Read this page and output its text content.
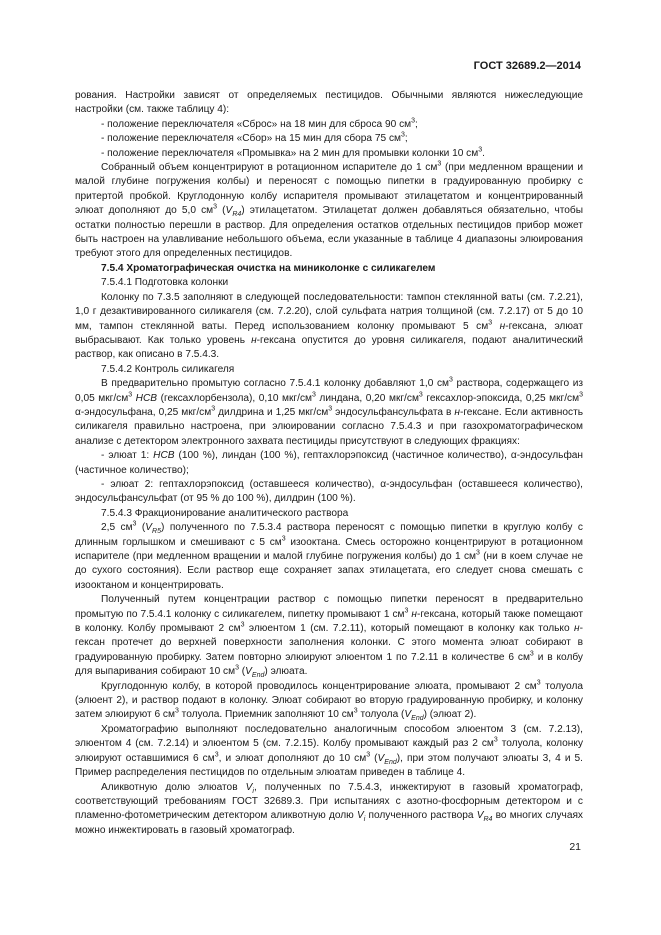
ГОСТ 32689.2—2014

рования. Настройки зависят от определяемых пестицидов. Обычными являются нижеследующие настройки (см. также таблицу 4):

- положение переключателя «Сброс» на 18 мин для сброса 90 $см^3$;

- положение переключателя «Сбор» на 15 мин для сбора 75 $см^3$;

- положение переключателя «Промывка» на 2 мин для промывки колонки 10 $см^3$.

Собранный объем концентрируют в ротационном испарителе до 1 $см^3$ (при медленном вращении и малой глубине погружения колбы) и переносят с помощью пипетки в градуированную пробирку с притертой пробкой. Круглодонную колбу испарителя промывают этилацетатом и концентрированный элюат дополняют до 5,0 $см^3$ $(V_{R4})$ этилацетатом. Этилацетат должен добавляться обязательно, чтобы остатки полностью перешли в раствор. Для определения остатков отдельных пестицидов прибор может быть настроен на улавливание небольшого объема, если указанные в таблице 4 диапазоны элюирования требуют этого для определенных пестицидов.

7.5.4 Хроматографическая очистка на миниколонке с силикагелем

7.5.4.1 Подготовка колонки

Колонку по 7.3.5 заполняют в следующей последовательности: тампон стеклянной ваты (см. 7.2.21), 1,0 г дезактивированного силикагеля (см. 7.2.20), слой сульфата натрия толщиной (см. 7.2.17) от 5 до 10 мм, тампон стеклянной ваты. Перед использованием колонку промывают 5 $см^3$ н-гексана, элюат выбрасывают. Как только уровень н-гексана опустится до уровня силикагеля, подают аналитический раствор, как описано в 7.5.4.3.

7.5.4.2 Контроль силикагеля

В предварительно промытую согласно 7.5.4.1 колонку добавляют 1,0 $см^3$ раствора, содержащего из 0,05 мкг/$см^3$ HCB (гексахлорбензола), 0,10 мкг/$см^3$ линдана, 0,20 мкг/$см^3$ гексахлор-эпоксида, 0,25 мкг/$см^3$ α-эндосульфана, 0,25 мкг/$см^3$ дилдрина и 1,25 мкг/$см^3$ эндосульфансульфата в н-гексане. Если активность силикагеля правильно настроена, при элюировании согласно 7.5.4.3 и при газохроматографическом анализе с детектором электронного захвата пестициды присутствуют в следующих фракциях:

- элюат 1: HCB (100 %), линдан (100 %), гептахлорэпоксид (частичное количество), α-эндосульфан (частичное количество);

- элюат 2: гептахлорэпоксид (оставшееся количество), α-эндосульфан (оставшееся количество), эндосульфансульфат (от 95 % до 100 %), дилдрин (100 %).

7.5.4.3 Фракционирование аналитического раствора

2,5 $см^3$ $(V_{R5})$ полученного по 7.5.3.4 раствора переносят с помощью пипетки в круглую колбу с длинным горлышком и смешивают с 5 $см^3$ изооктана. Смесь осторожно концентрируют в ротационном испарителе (при медленном вращении и малой глубине погружения колбы) до 1 $см^3$ (ни в коем случае не до сухого состояния). Если раствор еще сохраняет запах этилацетата, его следует снова смешать с изооктаном и концентрировать.

Полученный путем концентрации раствор с помощью пипетки переносят в предварительно промытую по 7.5.4.1 колонку с силикагелем, пипетку промывают 1 $см^3$ н-гексана, который также помещают в колонку. Колбу промывают 2 $см^3$ элюентом 1 (см. 7.2.11), который помещают в колонку как только н-гексан протечет до верхней поверхности заполнения колонки. С этого момента элюат собирают в градуированную пробирку. Затем повторно элюируют элюентом 1 по 7.2.11 в количестве 6 $см^3$ и в колбу для выпаривания собирают 10 $см^3$ $(V_{End})$ элюата.

Круглодонную колбу, в которой проводилось концентрирование элюата, промывают 2 $см^3$ толуола (элюент 2), и раствор подают в колонку. Элюат собирают во вторую градуированную пробирку, и колонку затем элюируют 6 $см^3$ толуола. Приемник заполняют 10 $см^3$ толуола $(V_{End})$ (элюат 2).

Хроматографию выполняют последовательно аналогичным способом элюентом 3 (см. 7.2.13), элюентом 4 (см. 7.2.14) и элюентом 5 (см. 7.2.15). Колбу промывают каждый раз 2 $см^3$ толуола, колонку элюируют оставшимися 6 $см^3$, и элюат дополняют до 10 $см^3$ $(V_{End})$, при этом получают элюаты 3, 4 и 5. Пример распределения пестицидов по отдельным элюатам приведен в таблице 4.

Аликвотную долю элюатов $V_i$, полученных по 7.5.4.3, инжектируют в газовый хроматограф, соответствующий требованиям ГОСТ 32689.3. При испытаниях с азотно-фосфорным детектором и с пламенно-фотометрическим детектором аликвотную долю $V_i$ полученного раствора $V_{R4}$ во многих случаях можно инжектировать в газовый хроматограф.

21
